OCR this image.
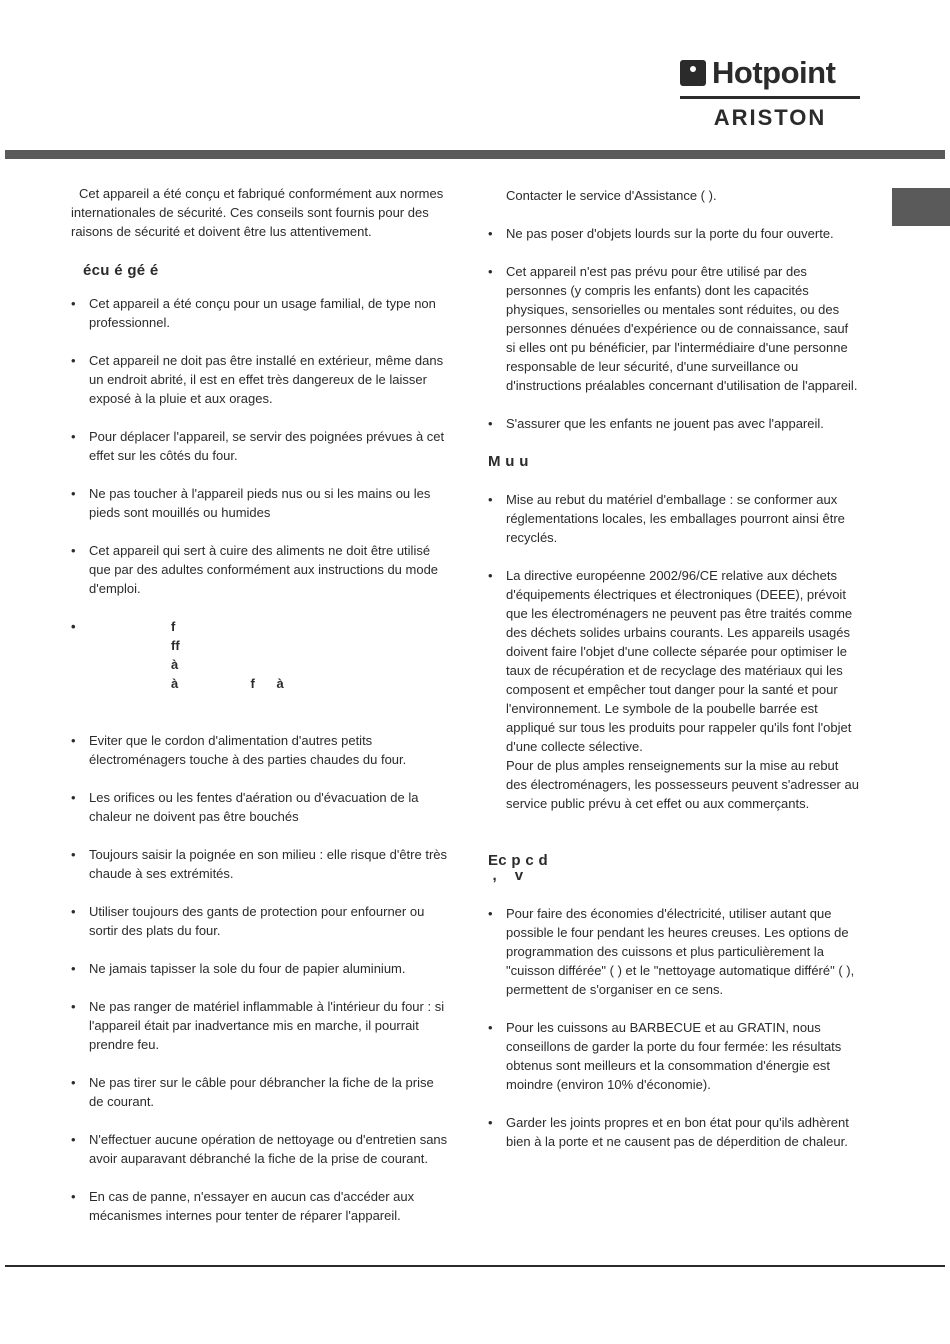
Hotpoint
ARISTON

Cet appareil a été conçu et fabriqué conformément aux normes internationales de sécurité. Ces conseils sont fournis pour des raisons de sécurité et doivent être lus attentivement.

écu é gé é
• Cet appareil a été conçu pour un usage familial, de type non professionnel.
• Cet appareil ne doit pas être installé en extérieur, même dans un endroit abrité, il est en effet très dangereux de le laisser exposé à la pluie et aux orages.
• Pour déplacer l'appareil, se servir des poignées prévues à cet effet sur les côtés du four.
• Ne pas toucher à l'appareil pieds nus ou si les mains ou les pieds sont mouillés ou humides
• Cet appareil qui sert à cuire des aliments ne doit être utilisé que par des adultes conformément aux instructions du mode d'emploi.
• f
ff
à
à                    f      à
• Eviter que le cordon d'alimentation d'autres petits électroménagers touche à des parties chaudes du four.
• Les orifices ou les fentes d'aération ou d'évacuation de la chaleur ne doivent pas être bouchés
• Toujours saisir la poignée en son milieu : elle risque d'être très chaude à ses extrémités.
• Utiliser toujours des gants de protection pour enfourner ou sortir des plats du four.
• Ne jamais tapisser la sole du four de papier aluminium.
• Ne pas ranger de matériel inflammable à l'intérieur du four : si l'appareil était par inadvertance mis en marche, il pourrait prendre feu.
• Ne pas tirer sur le câble pour débrancher la fiche de la prise de courant.
• N'effectuer aucune opération de nettoyage ou d'entretien sans avoir auparavant débranché la fiche de la prise de courant.
• En cas de panne, n'essayer en aucun cas d'accéder aux mécanismes internes pour tenter de réparer l'appareil.

Contacter le service d'Assistance ( ).

• Ne pas poser d'objets lourds sur la porte du four ouverte.
• Cet appareil n'est pas prévu pour être utilisé par des personnes (y compris les enfants) dont les capacités physiques, sensorielles ou mentales sont réduites, ou des personnes dénuées d'expérience ou de connaissance, sauf si elles ont pu bénéficier, par l'intermédiaire d'une personne responsable de leur sécurité, d'une surveillance ou d'instructions préalables concernant d'utilisation de l'appareil.
• S'assurer que les enfants ne jouent pas avec l'appareil.
M u u
• Mise au rebut du matériel d'emballage : se conformer aux réglementations locales, les emballages pourront ainsi être recyclés.
• La directive européenne 2002/96/CE relative aux déchets d'équipements électriques et électroniques (DEEE), prévoit que les électroménagers ne peuvent pas être traités comme des déchets solides urbains courants. Les appareils usagés doivent faire l'objet d'une collecte séparée pour optimiser le taux de récupération et de recyclage des matériaux qui les composent et empêcher tout danger pour la santé et pour l'environnement. Le symbole de la poubelle barrée est appliqué sur tous les produits pour rappeler qu'ils font l'objet d'une collecte sélective.
Pour de plus amples renseignements sur la mise au rebut des électroménagers, les possesseurs peuvent s'adresser au service public prévu à cet effet ou aux commerçants.
Ec p c d
,    v
• Pour faire des économies d'électricité, utiliser autant que possible le four pendant les heures creuses. Les options de programmation des cuissons et plus particulièrement la "cuisson différée" ( ) et le "nettoyage automatique différé" ( ), permettent de s'organiser en ce sens.
• Pour les cuissons au BARBECUE et au GRATIN, nous conseillons de garder la porte du four fermée: les résultats obtenus sont meilleurs et la consommation d'énergie est moindre (environ 10% d'économie).
• Garder les joints propres et en bon état pour qu'ils adhèrent bien à la porte et ne causent pas de déperdition de chaleur.
